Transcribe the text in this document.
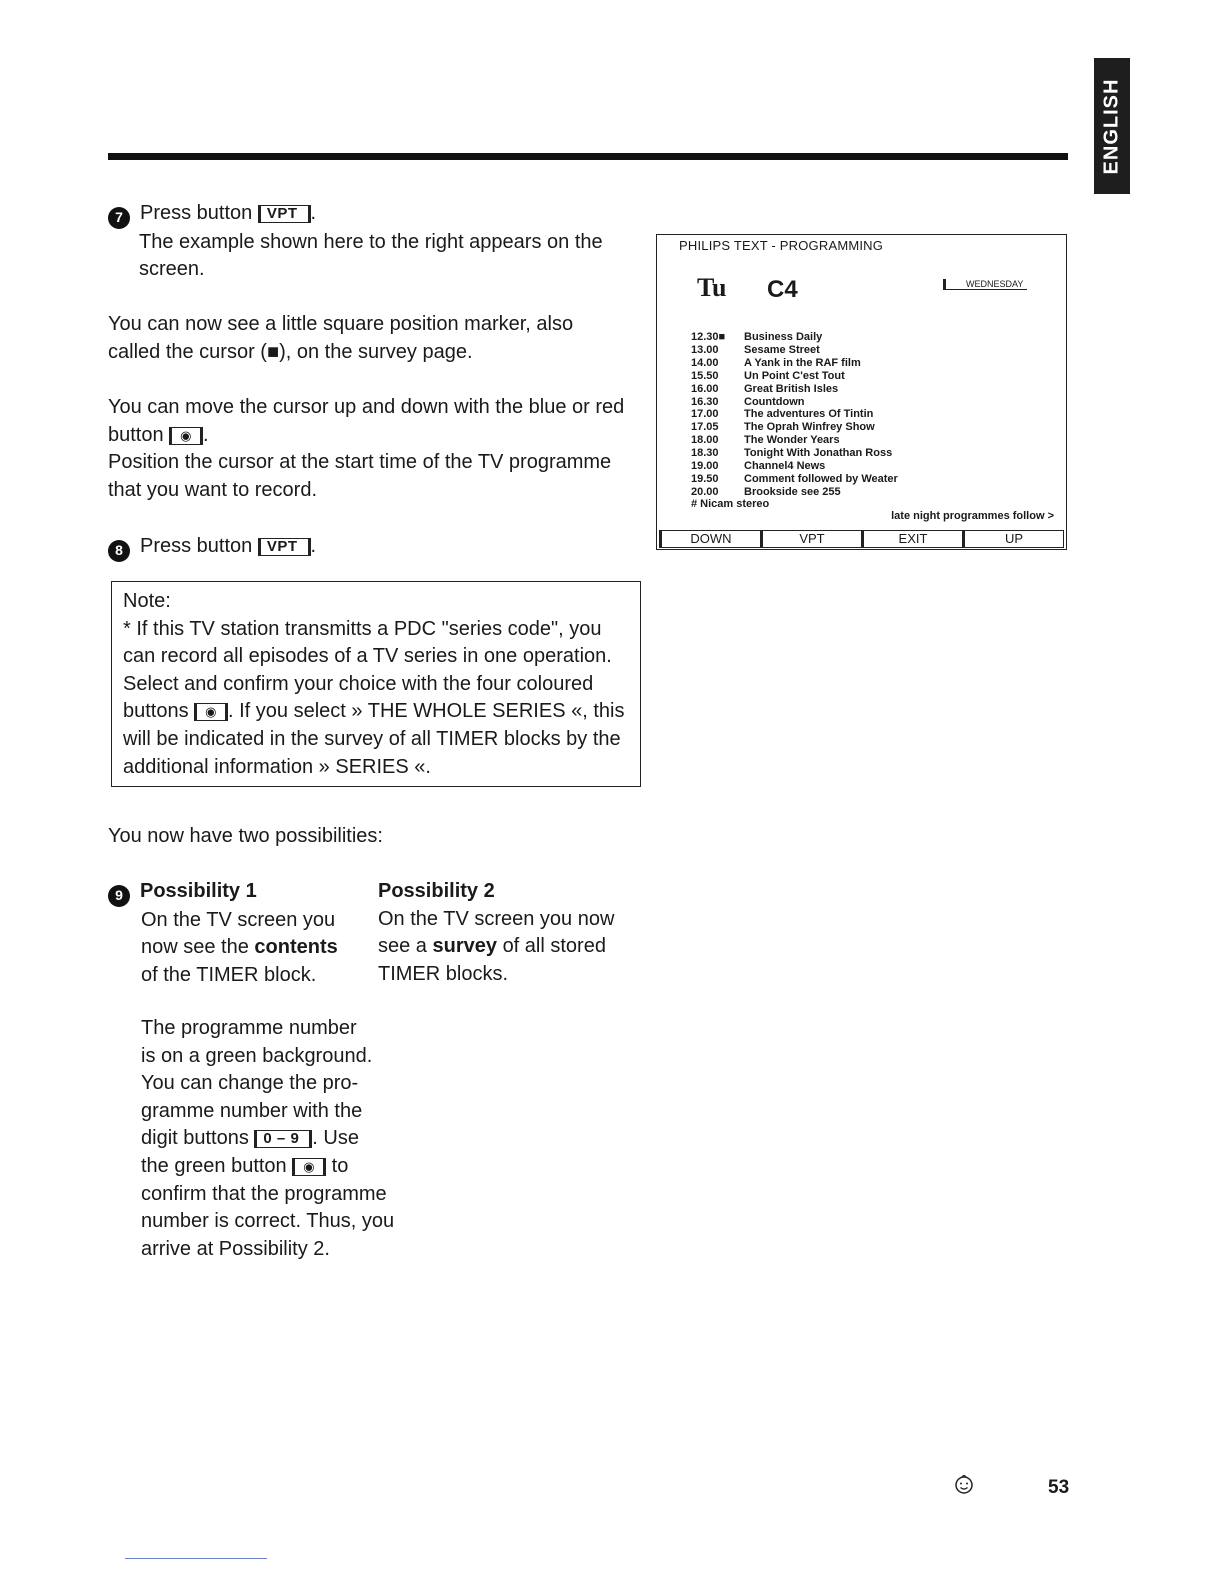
ENGLISH
7 Press button VPT .
The example shown here to the right appears on the
screen.
You can now see a little square position marker, also
called the cursor (■), on the survey page.
You can move the cursor up and down with the blue or red
button ◉ .
Position the cursor at the start time of the TV programme
that you want to record.
8 Press button VPT .
Note:
* If this TV station transmitts a PDC "series code", you
can record all episodes of a TV series in one operation.
Select and confirm your choice with the four coloured
buttons ◉ . If you select » THE WHOLE SERIES «, this
will be indicated in the survey of all TIMER blocks by the
additional information » SERIES «.
You now have two possibilities:
9 Possibility 1
On the TV screen you
now see the contents
of the TIMER block.
Possibility 2
On the TV screen you now
see a survey of all stored
TIMER blocks.
The programme number
is on a green background.
You can change the pro-
gramme number with the
digit buttons 0 – 9 . Use
the green button ◉ to
confirm that the programme
number is correct. Thus, you
arrive at Possibility 2.
PHILIPS TEXT - PROGRAMMING
Tu C4	WEDNESDAY
12.30■	Business Daily
13.00	Sesame Street
14.00	A Yank in the RAF film
15.50	Un Point C'est Tout
16.00	Great British Isles
16.30	Countdown
17.00	The adventures Of Tintin
17.05	The Oprah Winfrey Show
18.00	The Wonder Years
18.30	Tonight With Jonathan Ross
19.00	Channel4 News
19.50	Comment followed by Weater
20.00	Brookside see 255
# Nicam stereo
late night programmes follow >
DOWN	VPT	EXIT	UP
53
